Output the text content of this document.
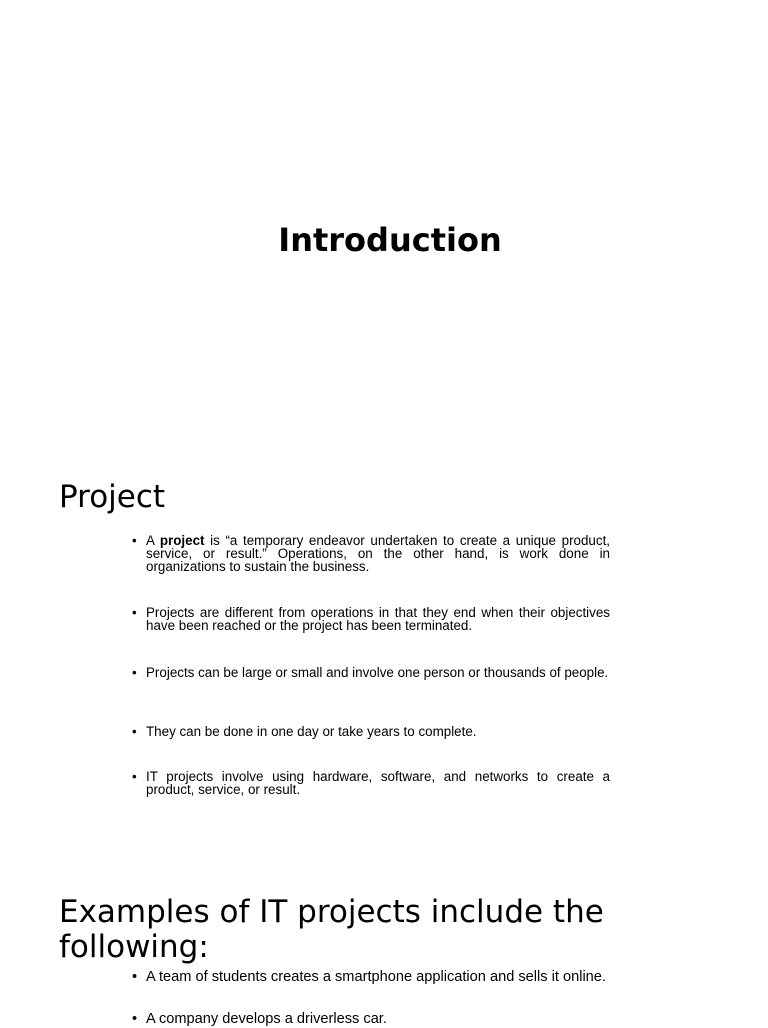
Introduction
Project
• A project is “a temporary endeavor undertaken to create a unique product, service, or result.” Operations, on the other hand, is work done in organizations to sustain the business.
• Projects are different from operations in that they end when their objectives have been reached or the project has been terminated.
• Projects can be large or small and involve one person or thousands of people.
• They can be done in one day or take years to complete.
• IT projects involve using hardware, software, and networks to create a product, service, or result.
Examples of IT projects include the following:
• A team of students creates a smartphone application and sells it online.
• A company develops a driverless car.
